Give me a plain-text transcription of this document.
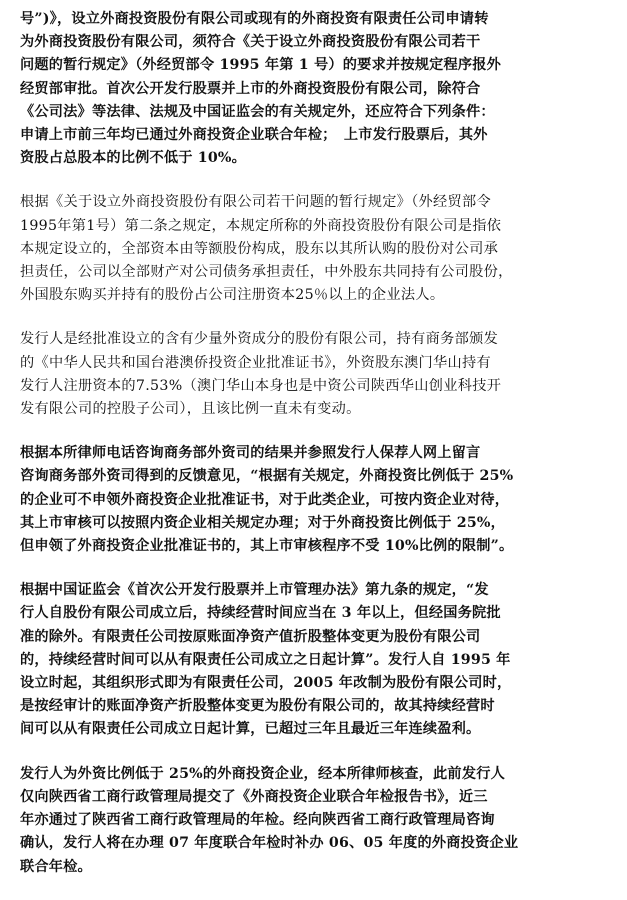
号”)》，设立外商投资股份有限公司或现有的外商投资有限责任公司申请转
为外商投资股份有限公司，须符合《关于设立外商投资股份有限公司若干
问题的暂行规定》（外经贸部令 1995 年第 1 号）的要求并按规定程序报外
经贸部审批。首次公开发行股票并上市的外商投资股份有限公司，除符合
《公司法》等法律、法规及中国证监会的有关规定外，还应符合下列条件：
申请上市前三年均已通过外商投资企业联合年检；　上市发行股票后，其外
资股占总股本的比例不低于 10%。
根据《关于设立外商投资股份有限公司若干问题的暂行规定》（外经贸部令
1995年第1号）第二条之规定，本规定所称的外商投资股份有限公司是指依
本规定设立的，全部资本由等额股份构成，股东以其所认购的股份对公司承
担责任，公司以全部财产对公司债务承担责任，中外股东共同持有公司股份，
外国股东购买并持有的股份占公司注册资本25％以上的企业法人。
发行人是经批准设立的含有少量外资成分的股份有限公司，持有商务部颁发
的《中华人民共和国台港澳侨投资企业批准证书》，外资股东澳门华山持有
发行人注册资本的7.53%（澳门华山本身也是中资公司陕西华山创业科技开
发有限公司的控股子公司），且该比例一直未有变动。
根据本所律师电话咨询商务部外资司的结果并参照发行人保荐人网上留言
咨询商务部外资司得到的反馈意见，“根据有关规定，外商投资比例低于 25%
的企业可不申领外商投资企业批准证书，对于此类企业，可按内资企业对待，
其上市审核可以按照内资企业相关规定办理；对于外商投资比例低于 25%，
但申领了外商投资企业批准证书的，其上市审核程序不受 10%比例的限制”。
根据中国证监会《首次公开发行股票并上市管理办法》第九条的规定，“发
行人自股份有限公司成立后，持续经营时间应当在 3 年以上，但经国务院批
准的除外。有限责任公司按原账面净资产值折股整体变更为股份有限公司
的，持续经营时间可以从有限责任公司成立之日起计算”。发行人自 1995 年
设立时起，其组织形式即为有限责任公司，2005 年改制为股份有限公司时，
是按经审计的账面净资产折股整体变更为股份有限公司的，故其持续经营时
间可以从有限责任公司成立日起计算，已超过三年且最近三年连续盈利。
发行人为外资比例低于 25%的外商投资企业，经本所律师核查，此前发行人
仅向陕西省工商行政管理局提交了《外商投资企业联合年检报告书》，近三
年亦通过了陕西省工商行政管理局的年检。经向陕西省工商行政管理局咨询
确认，发行人将在办理 07 年度联合年检时补办 06、05 年度的外商投资企业
联合年检。
